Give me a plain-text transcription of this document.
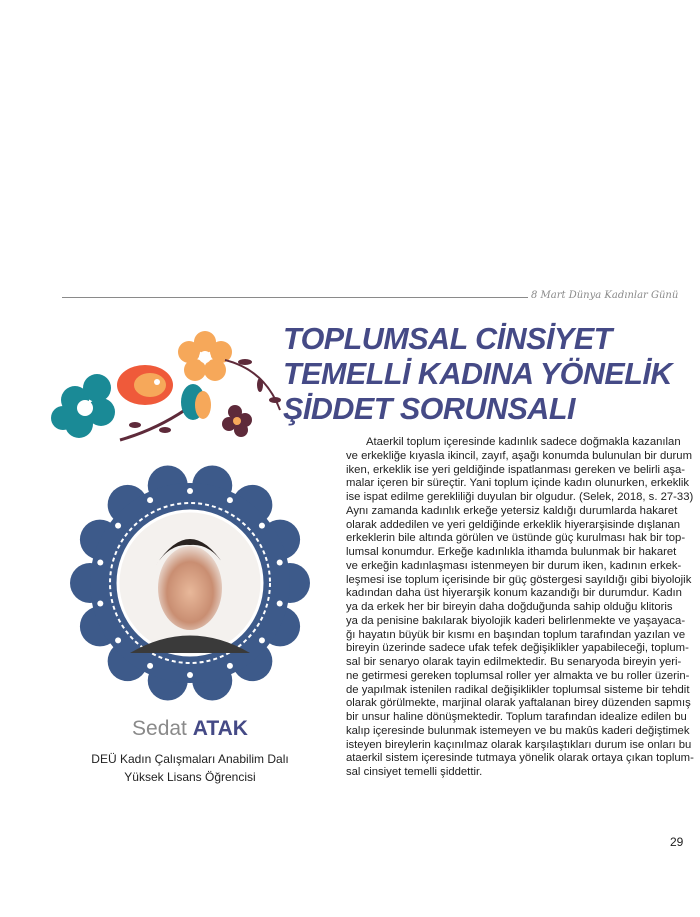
8 Mart Dünya Kadınlar Günü
TOPLUMSAL CİNSİYET
TEMELLİ KADINA YÖNELİK
ŞİDDET SORUNSALI
Sedat ATAK
DEÜ Kadın Çalışmaları Anabilim Dalı
Yüksek Lisans Öğrencisi
Ataerkil toplum içeresinde kadınlık sadece doğmakla kazanılan
ve erkekliğe kıyasla ikincil, zayıf, aşağı konumda bulunulan bir durum
iken, erkeklik ise yeri geldiğinde ispatlanması gereken ve belirli aşa-
malar içeren bir süreçtir. Yani toplum içinde kadın olunurken, erkeklik
ise ispat edilme gerekliliği duyulan bir olgudur. (Selek, 2018, s. 27-33)
Aynı zamanda kadınlık erkeğe yetersiz kaldığı durumlarda hakaret
olarak addedilen ve yeri geldiğinde erkeklik hiyerarşisinde dışlanan
erkeklerin bile altında görülen ve üstünde güç kurulması hak bir top-
lumsal konumdur. Erkeğe kadınlıkla ithamda bulunmak bir hakaret
ve erkeğin kadınlaşması istenmeyen bir durum iken, kadının erkek-
leşmesi ise toplum içerisinde bir güç göstergesi sayıldığı gibi biyolojik
kadından daha üst hiyerarşik konum kazandığı bir durumdur. Kadın
ya da erkek her bir bireyin daha doğduğunda sahip olduğu klitoris
ya da penisine bakılarak biyolojik kaderi belirlenmekte ve yaşayaca-
ğı hayatın büyük bir kısmı en başından toplum tarafından yazılan ve
bireyin üzerinde sadece ufak tefek değişiklikler yapabileceği, toplum-
sal bir senaryo olarak tayin edilmektedir. Bu senaryoda bireyin yeri-
ne getirmesi gereken toplumsal roller yer almakta ve bu roller üzerin-
de yapılmak istenilen radikal değişiklikler toplumsal sisteme bir tehdit
olarak görülmekte, marjinal olarak yaftalanan birey düzenden sapmış
bir unsur haline dönüşmektedir. Toplum tarafından idealize edilen bu
kalıp içeresinde bulunmak istemeyen ve bu makûs kaderi değiştimek
isteyen bireylerin kaçınılmaz olarak karşılaştıkları durum ise onları bu
ataerkil sistem içeresinde tutmaya yönelik olarak ortaya çıkan toplum-
sal cinsiyet temelli şiddettir.
29
